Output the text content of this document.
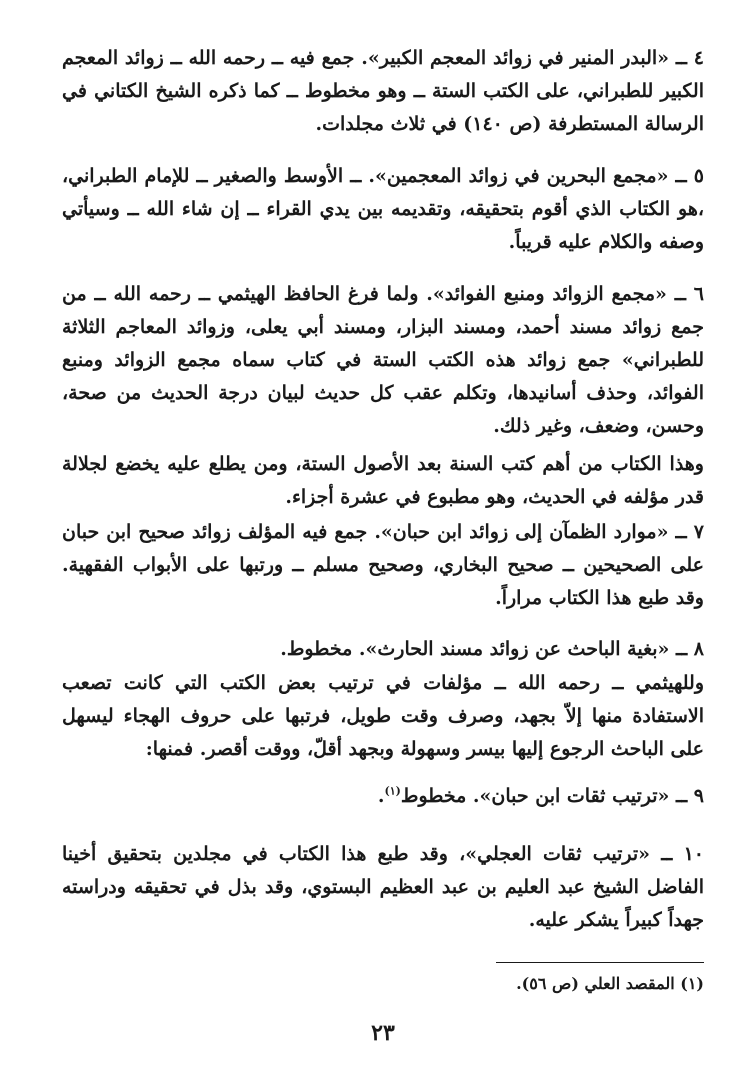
٤ ــ «البدر المنير في زوائد المعجم الكبير». جمع فيه ــ رحمه الله ــ زوائد المعجم الكبير للطبراني، على الكتب الستة ــ وهو مخطوط ــ كما ذكره الشيخ الكتاني في الرسالة المستطرفة (ص ١٤٠) في ثلاث مجلدات.

٥ ــ «مجمع البحرين في زوائد المعجمين». ــ الأوسط والصغير ــ للإمام الطبراني، ،هو الكتاب الذي أقوم بتحقيقه، وتقديمه بين يدي القراء ــ إن شاء الله ــ وسيأتي وصفه والكلام عليه قريباً.

٦ ــ «مجمع الزوائد ومنبع الفوائد». ولما فرغ الحافظ الهيثمي ــ رحمه الله ــ من جمع زوائد مسند أحمد، ومسند البزار، ومسند أبي يعلى، وزوائد المعاجم الثلاثة للطبراني» جمع زوائد هذه الكتب الستة في كتاب سماه مجمع الزوائد ومنبع الفوائد، وحذف أسانيدها، وتكلم عقب كل حديث لبيان درجة الحديث من صحة، وحسن، وضعف، وغير ذلك.

وهذا الكتاب من أهم كتب السنة بعد الأصول الستة، ومن يطلع عليه يخضع لجلالة قدر مؤلفه في الحديث، وهو مطبوع في عشرة أجزاء.

٧ ــ «موارد الظمآن إلى زوائد ابن حبان». جمع فيه المؤلف زوائد صحيح ابن حبان على الصحيحين ــ صحيح البخاري، وصحيح مسلم ــ ورتبها على الأبواب الفقهية. وقد طبع هذا الكتاب مراراً.

٨ ــ «بغية الباحث عن زوائد مسند الحارث». مخطوط.

وللهيثمي ــ رحمه الله ــ مؤلفات في ترتيب بعض الكتب التي كانت تصعب الاستفادة منها إلاّ بجهد، وصرف وقت طويل، فرتبها على حروف الهجاء ليسهل على الباحث الرجوع إليها بيسر وسهولة وبجهد أقلّ، ووقت أقصر. فمنها:

٩ ــ «ترتيب ثقات ابن حبان». مخطوط$^{(١)}$.

١٠ ــ «ترتيب ثقات العجلي»، وقد طبع هذا الكتاب في مجلدين بتحقيق أخينا الفاضل الشيخ عبد العليم بن عبد العظيم البستوي، وقد بذل في تحقيقه ودراسته جهداً كبيراً يشكر عليه.

(١) المقصد العلي (ص ٥٦).
٢٣
